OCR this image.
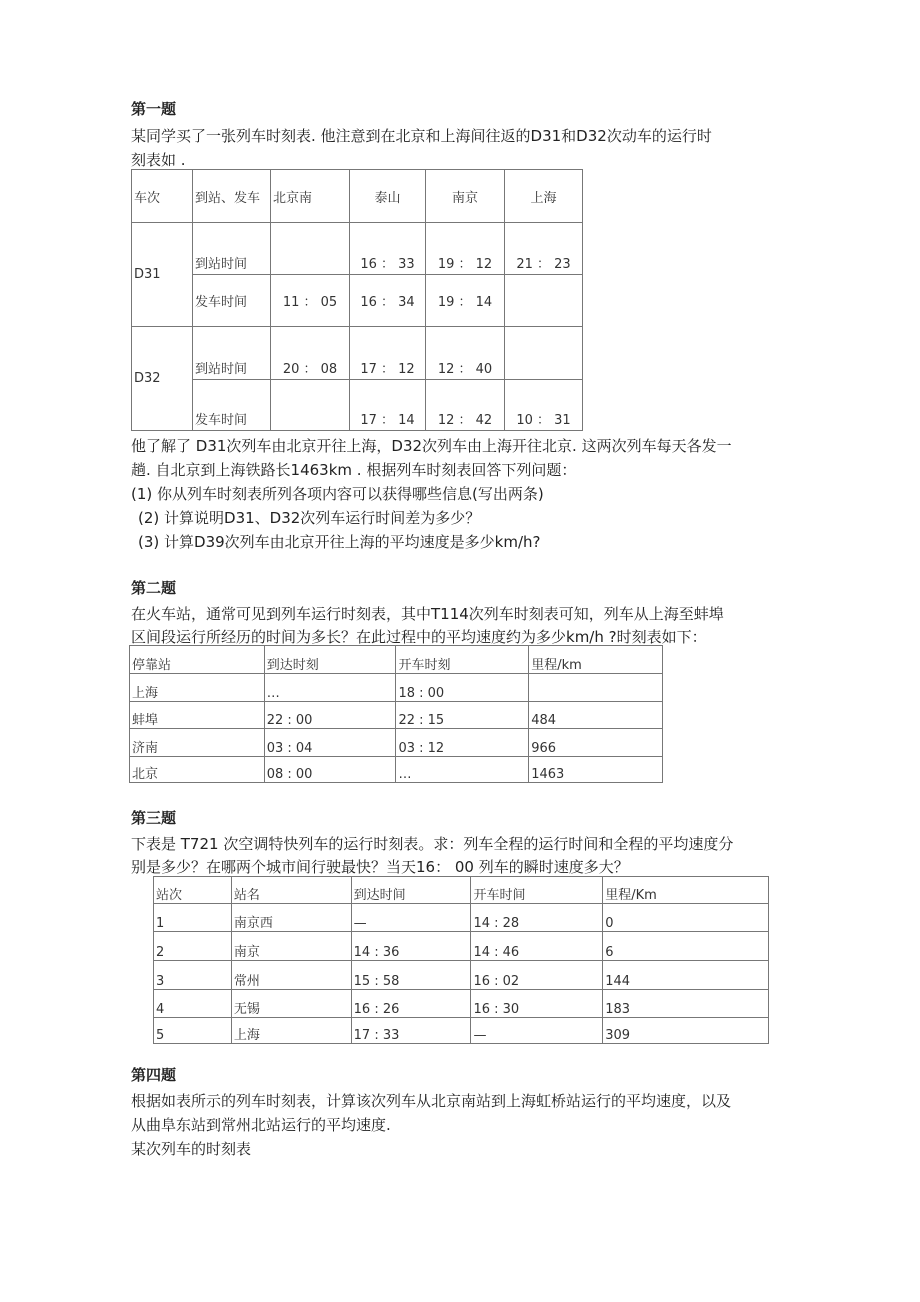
第一题
某同学买了一张列车时刻表. 他注意到在北京和上海间往返的D31和D32次动车的运行时
刻表如 .
车次	到站、发车	北京南	泰山	南京	上海
D31	到站时间		16 ： 33	19 ： 12	21 ： 23
	发车时间	11 ： 05	16 ： 34	19 ： 14	
D32	到站时间	20 ： 08	17 ： 12	12 ： 40	
	发车时间		17 ： 14	12 ： 42	10 ： 31
他了解了 D31次列车由北京开往上海，D32次列车由上海开往北京. 这两次列车每天各发一
趟. 自北京到上海铁路长1463km . 根据列车时刻表回答下列问题：
(1) 你从列车时刻表所列各项内容可以获得哪些信息(写出两条)
(2) 计算说明D31、D32次列车运行时间差为多少？
(3) 计算D39次列车由北京开往上海的平均速度是多少km/h?
第二题
在火车站，通常可见到列车运行时刻表，其中T114次列车时刻表可知，列车从上海至蚌埠
区间段运行所经历的时间为多长？在此过程中的平均速度约为多少km/h ?时刻表如下：
停靠站	到达时刻	开车时刻	里程/km
上海	…	18 : 00	
蚌埠	22 : 00	22 : 15	484
济南	03 : 04	03 : 12	966
北京	08 : 00	…	1463
第三题
下表是 T721 次空调特快列车的运行时刻表。求：列车全程的运行时间和全程的平均速度分
别是多少？在哪两个城市间行驶最快？当天16： 00 列车的瞬时速度多大？
站次	站名	到达时间	开车时间	里程/Km
1	南京西	—	14 : 28	0
2	南京	14 : 36	14 : 46	6
3	常州	15 : 58	16 : 02	144
4	无锡	16 : 26	16 : 30	183
5	上海	17 : 33	—	309
第四题
根据如表所示的列车时刻表，计算该次列车从北京南站到上海虹桥站运行的平均速度，以及
从曲阜东站到常州北站运行的平均速度.
某次列车的时刻表
